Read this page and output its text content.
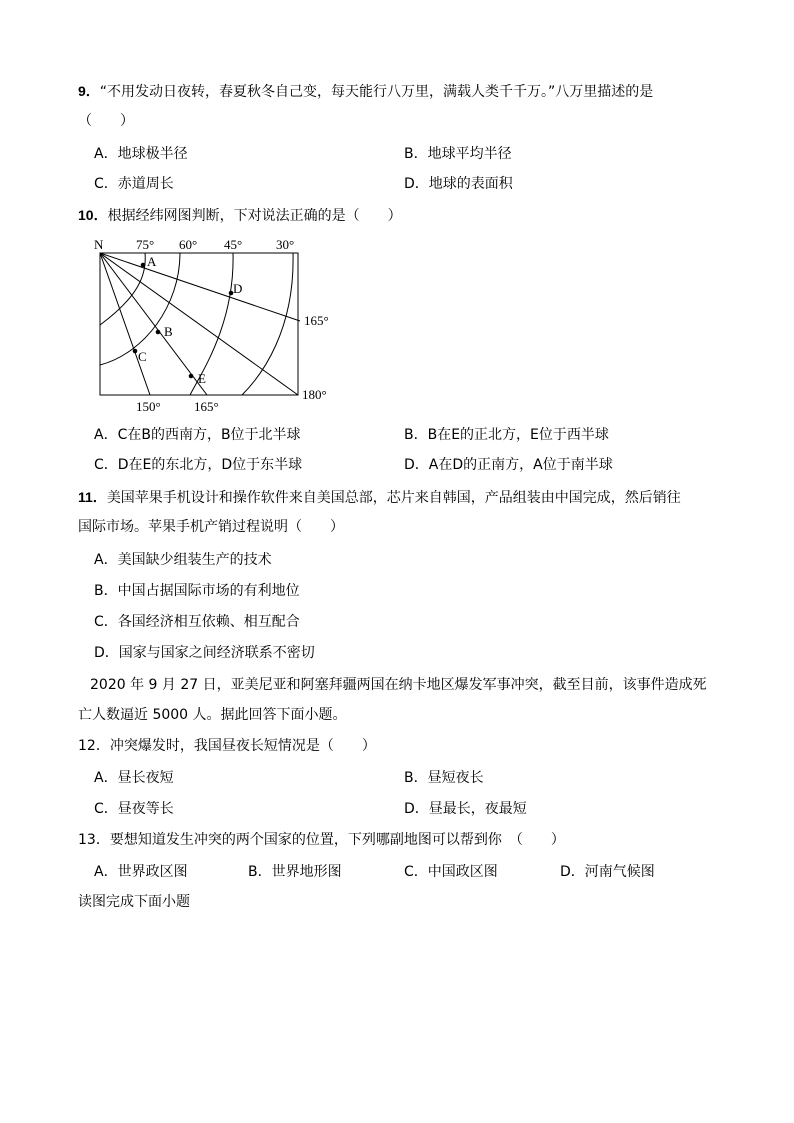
9．“不用发动日夜转，春夏秋冬自己变，每天能行八万里，满载人类千千万。”八万里描述的是
（　　）
A．地球极半径	B．地球平均半径
C．赤道周长	D．地球的表面积
10．根据经纬网图判断，下对说法正确的是（　　）
N	75° 60° 45°	30°
165°
180°
150°	165°
A
D
B
C
E
A．C在B的西南方，B位于北半球	B．B在E的正北方，E位于西半球
C．D在E的东北方，D位于东半球	D．A在D的正南方，A位于南半球
11．美国苹果手机设计和操作软件来自美国总部，芯片来自韩国，产品组装由中国完成，然后销往
国际市场。苹果手机产销过程说明（　　）
A．美国缺少组装生产的技术
B．中国占据国际市场的有利地位
C．各国经济相互依赖、相互配合
D．国家与国家之间经济联系不密切
2020 年 9 月 27 日，亚美尼亚和阿塞拜疆两国在纳卡地区爆发军事冲突，截至目前，该事件造成死
亡人数逼近 5000 人。据此回答下面小题。
12．冲突爆发时，我国昼夜长短情况是（　　）
A．昼长夜短	B．昼短夜长
C．昼夜等长	D．昼最长，夜最短
13．要想知道发生冲突的两个国家的位置，下列哪副地图可以帮到你　（　　）
A．世界政区图	B．世界地形图	C．中国政区图	D．河南气候图
读图完成下面小题
